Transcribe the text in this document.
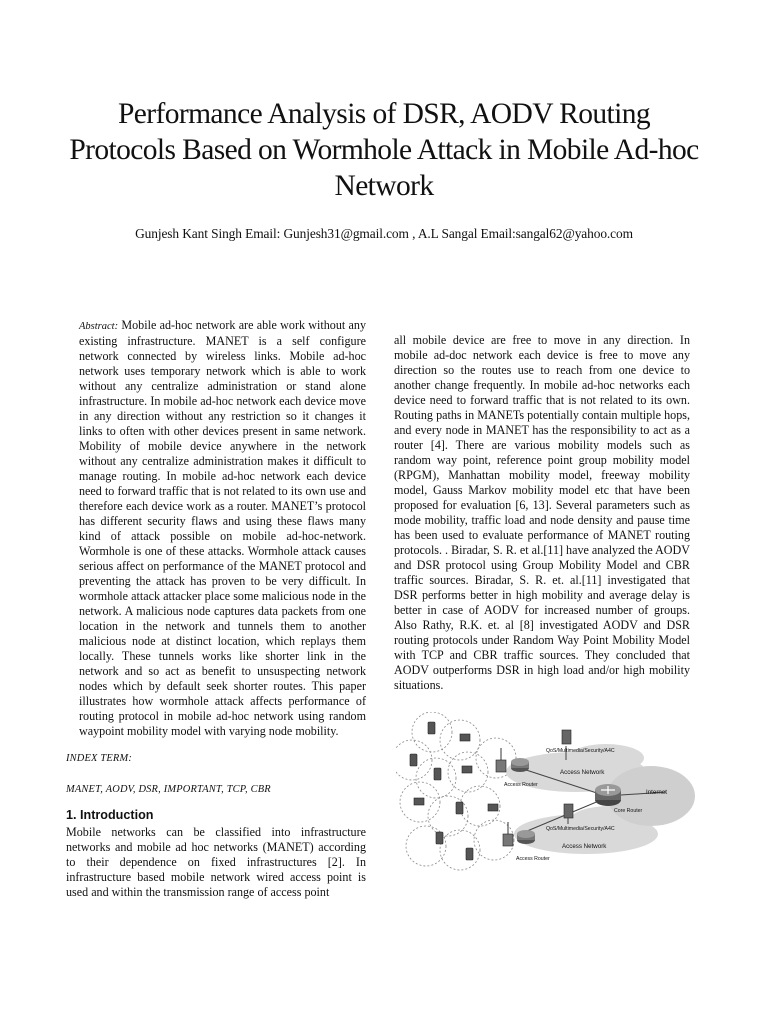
Performance Analysis of DSR, AODV Routing
Protocols Based on Wormhole Attack in Mobile Ad-hoc
Network
Gunjesh Kant Singh Email: Gunjesh31@gmail.com , A.L Sangal Email:sangal62@yahoo.com

Abstract: Mobile ad-hoc network are able work without any existing infrastructure. MANET is a self configure network connected by wireless links. Mobile ad-hoc network uses temporary network which is able to work without any centralize administration or stand alone infrastructure. In mobile ad-hoc network each device move in any direction without any restriction so it changes it links to often with other devices present in same network. Mobility of mobile device anywhere in the network without any centralize administration makes it difficult to manage routing. In mobile ad-hoc network each device need to forward traffic that is not related to its own use and therefore each device work as a router. MANET’s protocol has different security flaws and using these flaws many kind of attack possible on mobile ad-hoc-network. Wormhole is one of these attacks. Wormhole attack causes serious affect on performance of the MANET protocol and preventing the attack has proven to be very difficult. In wormhole attack attacker place some malicious node in the network. A malicious node captures data packets from one location in the network and tunnels them to another malicious node at distinct location, which replays them locally. These tunnels works like shorter link in the network and so act as benefit to unsuspecting network nodes which by default seek shorter routes. This paper illustrates how wormhole attack affects performance of routing protocol in mobile ad-hoc network using random waypoint mobility model with varying node mobility.

INDEX TERM:

MANET, AODV, DSR, IMPORTANT, TCP, CBR

1. Introduction

Mobile networks can be classified into infrastructure networks and mobile ad hoc networks (MANET) according to their dependence on fixed infrastructures [2]. In infrastructure based mobile network wired access point is used and within the transmission range of access point

all mobile device are free to move in any direction. In mobile ad-doc network each device is free to move any direction so the routes use to reach from one device to another change frequently. In mobile ad-hoc networks each device need to forward traffic that is not related to its own. Routing paths in MANETs potentially contain multiple hops, and every node in MANET has the responsibility to act as a router [4]. There are various mobility models such as random way point, reference point group mobility model (RPGM), Manhattan mobility model, freeway mobility model, Gauss Markov mobility model etc that have been proposed for evaluation [6, 13]. Several parameters such as mode mobility, traffic load and node density and pause time has been used to evaluate performance of MANET routing protocols. . Biradar, S. R. et al.[11] have analyzed the AODV and DSR protocol using Group Mobility Model and CBR traffic sources. Biradar, S. R. et. al.[11] investigated that DSR performs better in high mobility and average delay is better in case of AODV for increased number of groups. Also Rathy, R.K. et. al [8] investigated AODV and DSR routing protocols under Random Way Point Mobility Model with TCP and CBR traffic sources. They concluded that AODV outperforms DSR in high load and/or high mobility situations.

QoS/Multimedia/Security/A4C
Access Network
Access Router
Internet
Core Router
QoS/Multimedia/Security/A4C
Access Network
Access Router
